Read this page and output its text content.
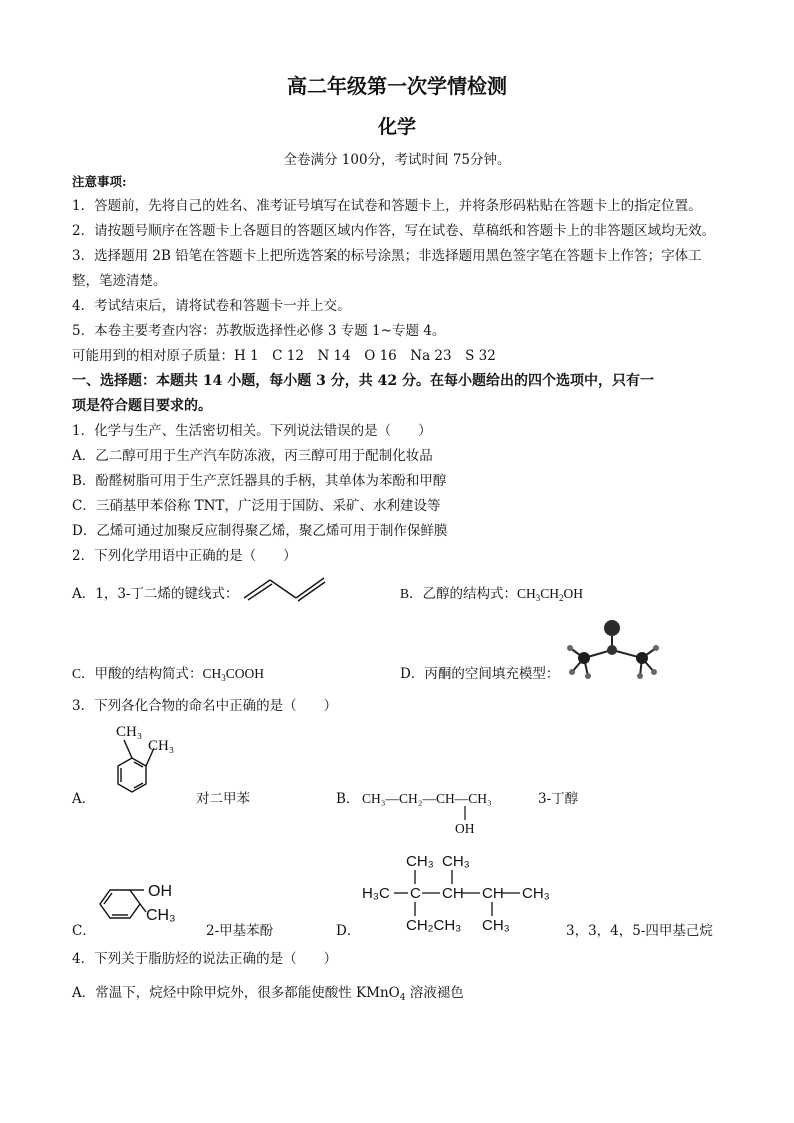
高二年级第一次学情检测
化学
全卷满分 100分，考试时间 75分钟。
注意事项:
1．答题前，先将自己的姓名、准考证号填写在试卷和答题卡上，并将条形码粘贴在答题卡上的指定位置。
2．请按题号顺序在答题卡上各题目的答题区域内作答，写在试卷、草稿纸和答题卡上的非答题区域均无效。
3．选择题用 2B 铅笔在答题卡上把所选答案的标号涂黑；非选择题用黑色签字笔在答题卡上作答；字体工
整，笔迹清楚。
4．考试结束后，请将试卷和答题卡一并上交。
5．本卷主要考查内容：苏教版选择性必修 3 专题 1~专题 4。
可能用到的相对原子质量：H 1　C 12　N 14　O 16　Na 23　S 32
一、选择题：本题共 14 小题，每小题 3 分，共 42 分。在每小题给出的四个选项中，只有一
项是符合题目要求的。
1．化学与生产、生活密切相关。下列说法错误的是（　　）
A．乙二醇可用于生产汽车防冻液，丙三醇可用于配制化妆品
B．酚醛树脂可用于生产烹饪器具的手柄，其单体为苯酚和甲醇
C．三硝基甲苯俗称 TNT，广泛用于国防、采矿、水利建设等
D．乙烯可通过加聚反应制得聚乙烯，聚乙烯可用于制作保鲜膜
2．下列化学用语中正确的是（　　）
A．1，3-丁二烯的键线式：	B．乙醇的结构式：$CH_3CH_2OH$
C．甲酸的结构简式：$CH_3COOH$	D．丙酮的空间填充模型：
3．下列各化合物的命名中正确的是（　　）
A．
CH₃
CH₃
对二甲苯	B． CH₃—CH₂—CH—CH₃
OH
3-丁醇
C．
OH
CH₃
2-甲基苯酚	D．
CH₃ CH₃
H₃C C CH CH CH₃
CH₂CH₃ CH₃	3，3，4，5-四甲基己烷
4．下列关于脂肪烃的说法正确的是（　　）
A．常温下，烷烃中除甲烷外，很多都能使酸性 KMnO$_4$ 溶液褪色
